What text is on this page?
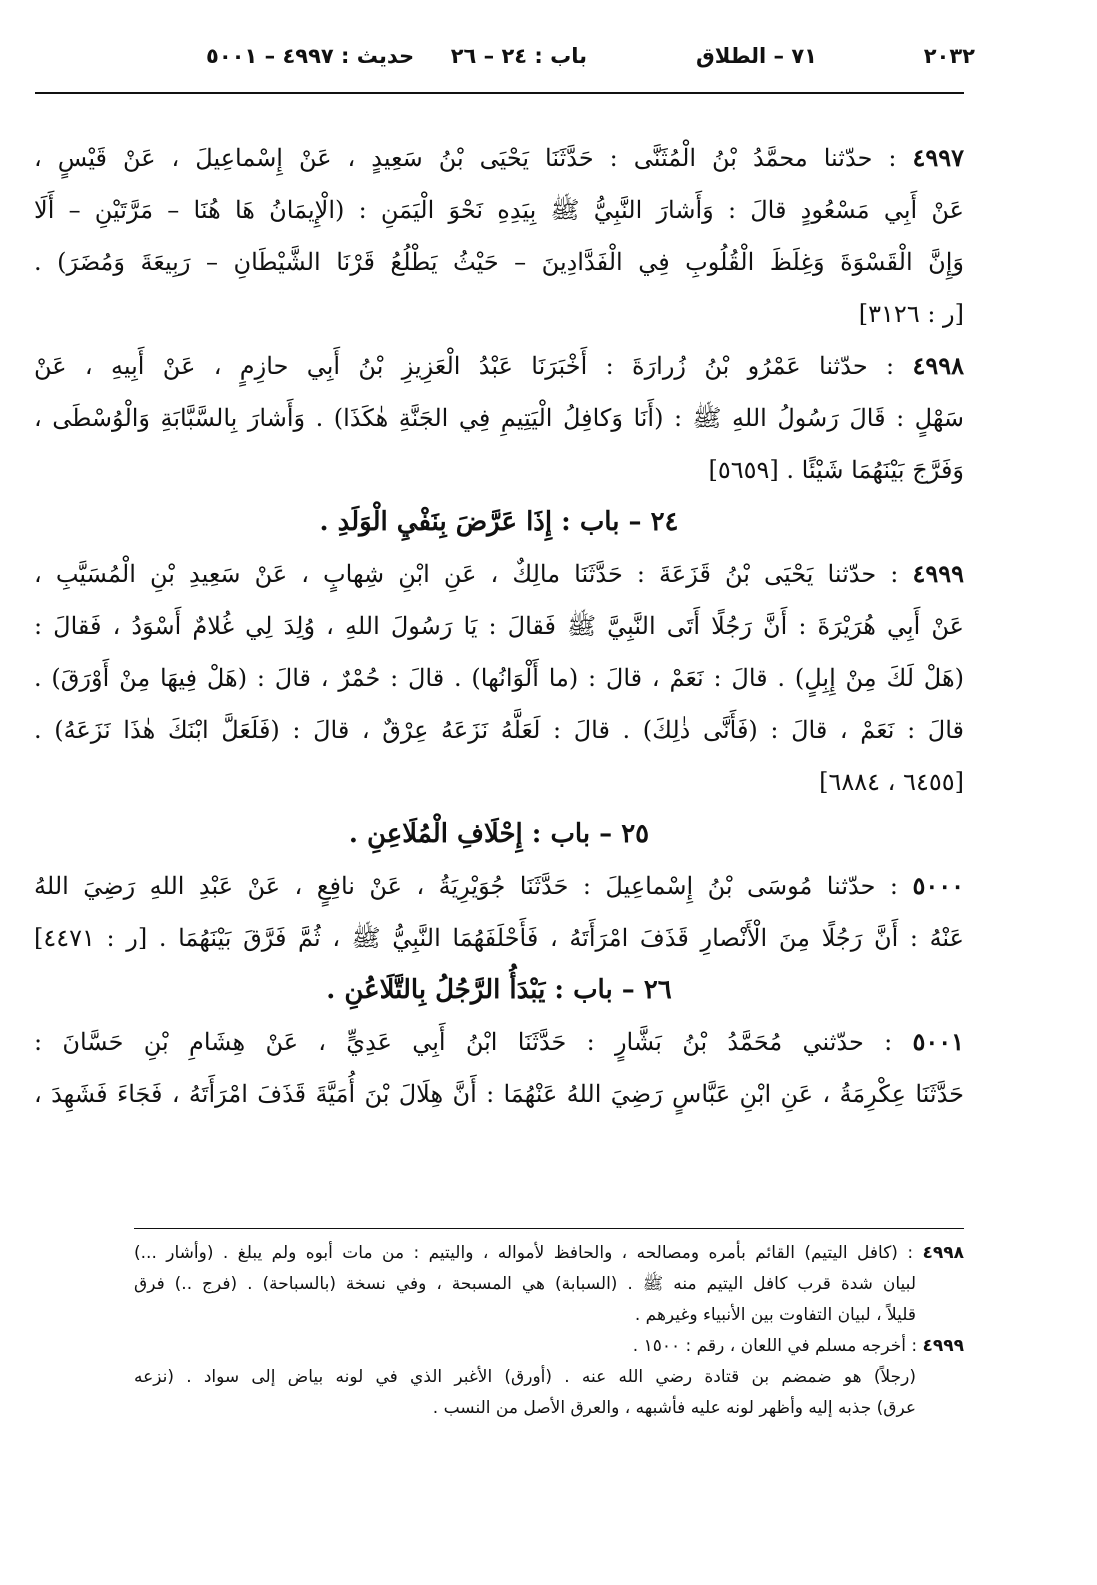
٢٠٣٢
٧١ – الطلاق
باب : ٢٤ – ٢٦     حديث : ٤٩٩٧ – ٥٠٠١
٤٩٩٧ : حدّثنا محمَّدُ بْنُ الْمُثَنَّى : حَدَّثَنَا يَحْيَى بْنُ سَعِيدٍ ، عَنْ إِسْماعِيلَ ، عَنْ قَيْسٍ ،
عَنْ أَبِي مَسْعُودٍ قالَ : وَأَشارَ النَّبِيُّ ﷺ بِيَدِهِ نَحْوَ الْيَمَنِ : (الْإِيمَانُ هَا هُنَا – مَرَّتَيْنِ – أَلَا
وَإِنَّ الْقَسْوَةَ وَغِلَظَ الْقُلُوبِ فِي الْفَدَّادِينَ – حَيْثُ يَطْلُعُ قَرْنَا الشَّيْطَانِ – رَبِيعَةَ وَمُضَرَ) .
[ر : ٣١٢٦]
٤٩٩٨ : حدّثنا عَمْرُو بْنُ زُرارَةَ : أَخْبَرَنَا عَبْدُ الْعَزِيزِ بْنُ أَبِي حازِمٍ ، عَنْ أَبِيهِ ، عَنْ
سَهْلٍ : قَالَ رَسُولُ اللهِ ﷺ : (أَنَا وَكافِلُ الْيَتِيمِ فِي الجَنَّةِ هٰكَذَا) . وَأَشارَ بِالسَّبَّابَةِ وَالْوُسْطَى ،
وَفَرَّجَ بَيْنَهُمَا شَيْئًا . [٥٦٥٩]
٢٤ – باب : إِذَا عَرَّضَ بِنَفْيِ الْوَلَدِ .
٤٩٩٩ : حدّثنا يَحْيَى بْنُ قَزَعَةَ : حَدَّثَنَا مالِكٌ ، عَنِ ابْنِ شِهابٍ ، عَنْ سَعِيدِ بْنِ الْمُسَيَّبِ ،
عَنْ أَبِي هُرَيْرَةَ : أَنَّ رَجُلًا أَتَى النَّبِيَّ ﷺ فَقالَ : يَا رَسُولَ اللهِ ، وُلِدَ لِي غُلامٌ أَسْوَدُ ، فَقالَ :
(هَلْ لَكَ مِنْ إِبِلٍ) . قالَ : نَعَمْ ، قالَ : (ما أَلْوَانُها) . قالَ : حُمْرٌ ، قالَ : (هَلْ فِيهَا مِنْ أَوْرَقَ) .
قالَ : نَعَمْ ، قالَ : (فَأَنَّى ذٰلِكَ) . قالَ : لَعَلَّهُ نَزَعَهُ عِرْقٌ ، قالَ : (فَلَعَلَّ ابْنَكَ هٰذَا نَزَعَهُ) .
[٦٤٥٥ ، ٦٨٨٤]
٢٥ – باب : إِحْلَافِ الْمُلَاعِنِ .
٥٠٠٠ : حدّثنا مُوسَى بْنُ إِسْماعِيلَ : حَدَّثَنَا جُوَيْرِيَةُ ، عَنْ نافِعٍ ، عَنْ عَبْدِ اللهِ رَضِيَ اللهُ
عَنْهُ : أَنَّ رَجُلًا مِنَ الْأَنْصارِ قَذَفَ امْرَأَتَهُ ، فَأَحْلَفَهُمَا النَّبِيُّ ﷺ ، ثُمَّ فَرَّقَ بَيْنَهُمَا . [ر : ٤٤٧١]
٢٦ – باب : يَبْدَأُ الرَّجُلُ بِالتَّلَاعُنِ .
٥٠٠١ : حدّثني مُحَمَّدُ بْنُ بَشَّارٍ : حَدَّثَنَا ابْنُ أَبِي عَدِيٍّ ، عَنْ هِشَامِ بْنِ حَسَّانَ :
حَدَّثَنَا عِكْرِمَةُ ، عَنِ ابْنِ عَبَّاسٍ رَضِيَ اللهُ عَنْهُمَا : أَنَّ هِلَالَ بْنَ أُمَيَّةَ قَذَفَ امْرَأَتَهُ ، فَجَاءَ فَشَهِدَ ،
٤٩٩٨ : (كافل اليتيم) القائم بأمره ومصالحه ، والحافظ لأمواله ، واليتيم : من مات أبوه ولم يبلغ . (وأشار ...)
لبيان شدة قرب كافل اليتيم منه ﷺ . (السبابة) هي المسبحة ، وفي نسخة (بالسباحة) . (فرج ..) فرق
قليلاً ، لبيان التفاوت بين الأنبياء وغيرهم .
٤٩٩٩ : أخرجه مسلم في اللعان ، رقم : ١٥٠٠ .
(رجلاً) هو ضمضم بن قتادة رضي الله عنه . (أورق) الأغبر الذي في لونه بياض إلى سواد . (نزعه
عرق) جذبه إليه وأظهر لونه عليه فأشبهه ، والعرق الأصل من النسب .
